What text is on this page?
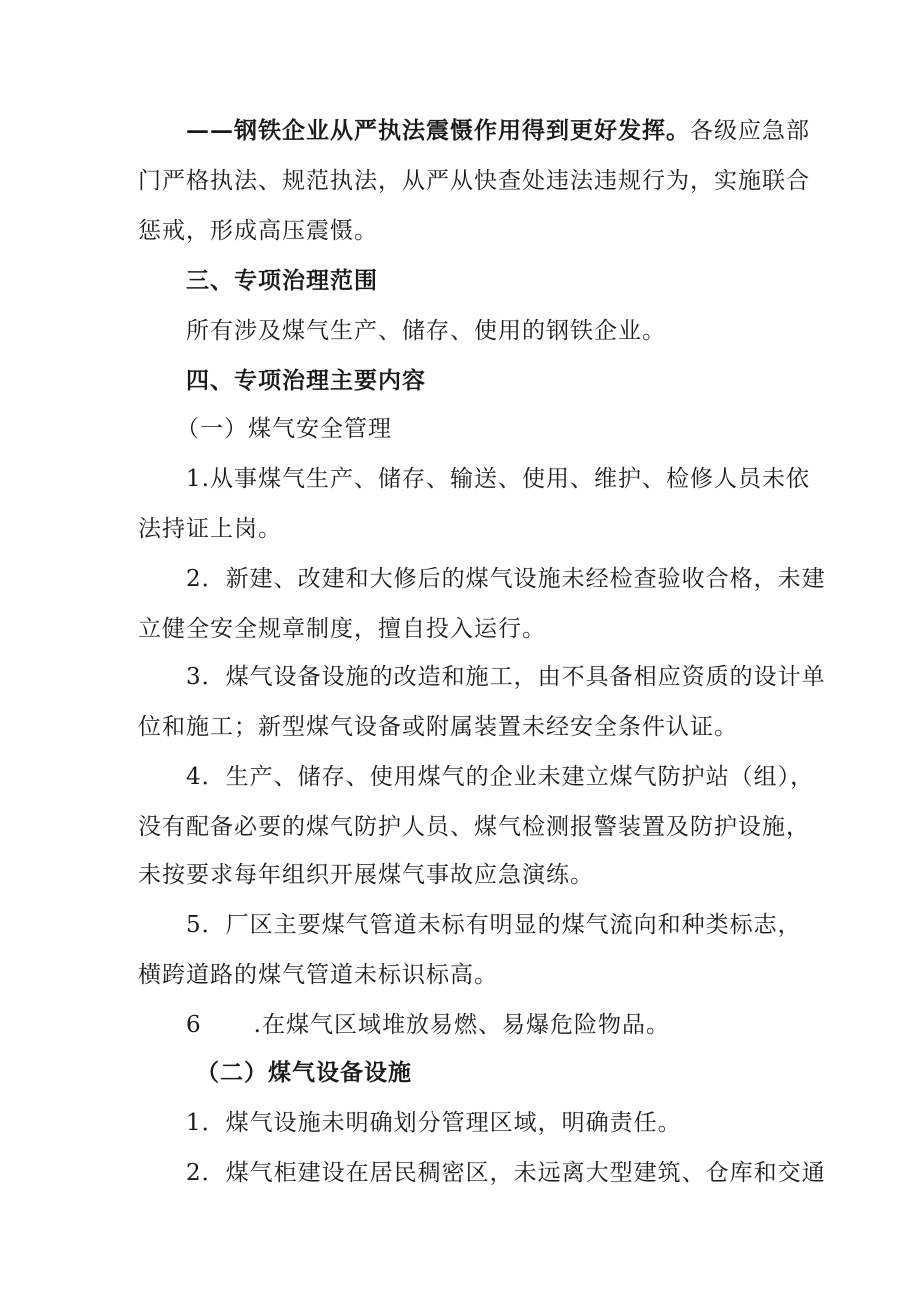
——钢铁企业从严执法震慑作用得到更好发挥。各级应急部
门严格执法、规范执法，从严从快查处违法违规行为，实施联合
惩戒，形成高压震慑。
三、专项治理范围
所有涉及煤气生产、储存、使用的钢铁企业。
四、专项治理主要内容
（一）煤气安全管理
1.从事煤气生产、储存、输送、使用、维护、检修人员未依
法持证上岗。
2．新建、改建和大修后的煤气设施未经检查验收合格，未建
立健全安全规章制度，擅自投入运行。
3．煤气设备设施的改造和施工，由不具备相应资质的设计单
位和施工；新型煤气设备或附属装置未经安全条件认证。
4．生产、储存、使用煤气的企业未建立煤气防护站（组），
没有配备必要的煤气防护人员、煤气检测报警装置及防护设施，
未按要求每年组织开展煤气事故应急演练。
5．厂区主要煤气管道未标有明显的煤气流向和种类标志，
横跨道路的煤气管道未标识标高。
6 .在煤气区域堆放易燃、易爆危险物品。
（二）煤气设备设施
1．煤气设施未明确划分管理区域，明确责任。
2．煤气柜建设在居民稠密区，未远离大型建筑、仓库和交通
